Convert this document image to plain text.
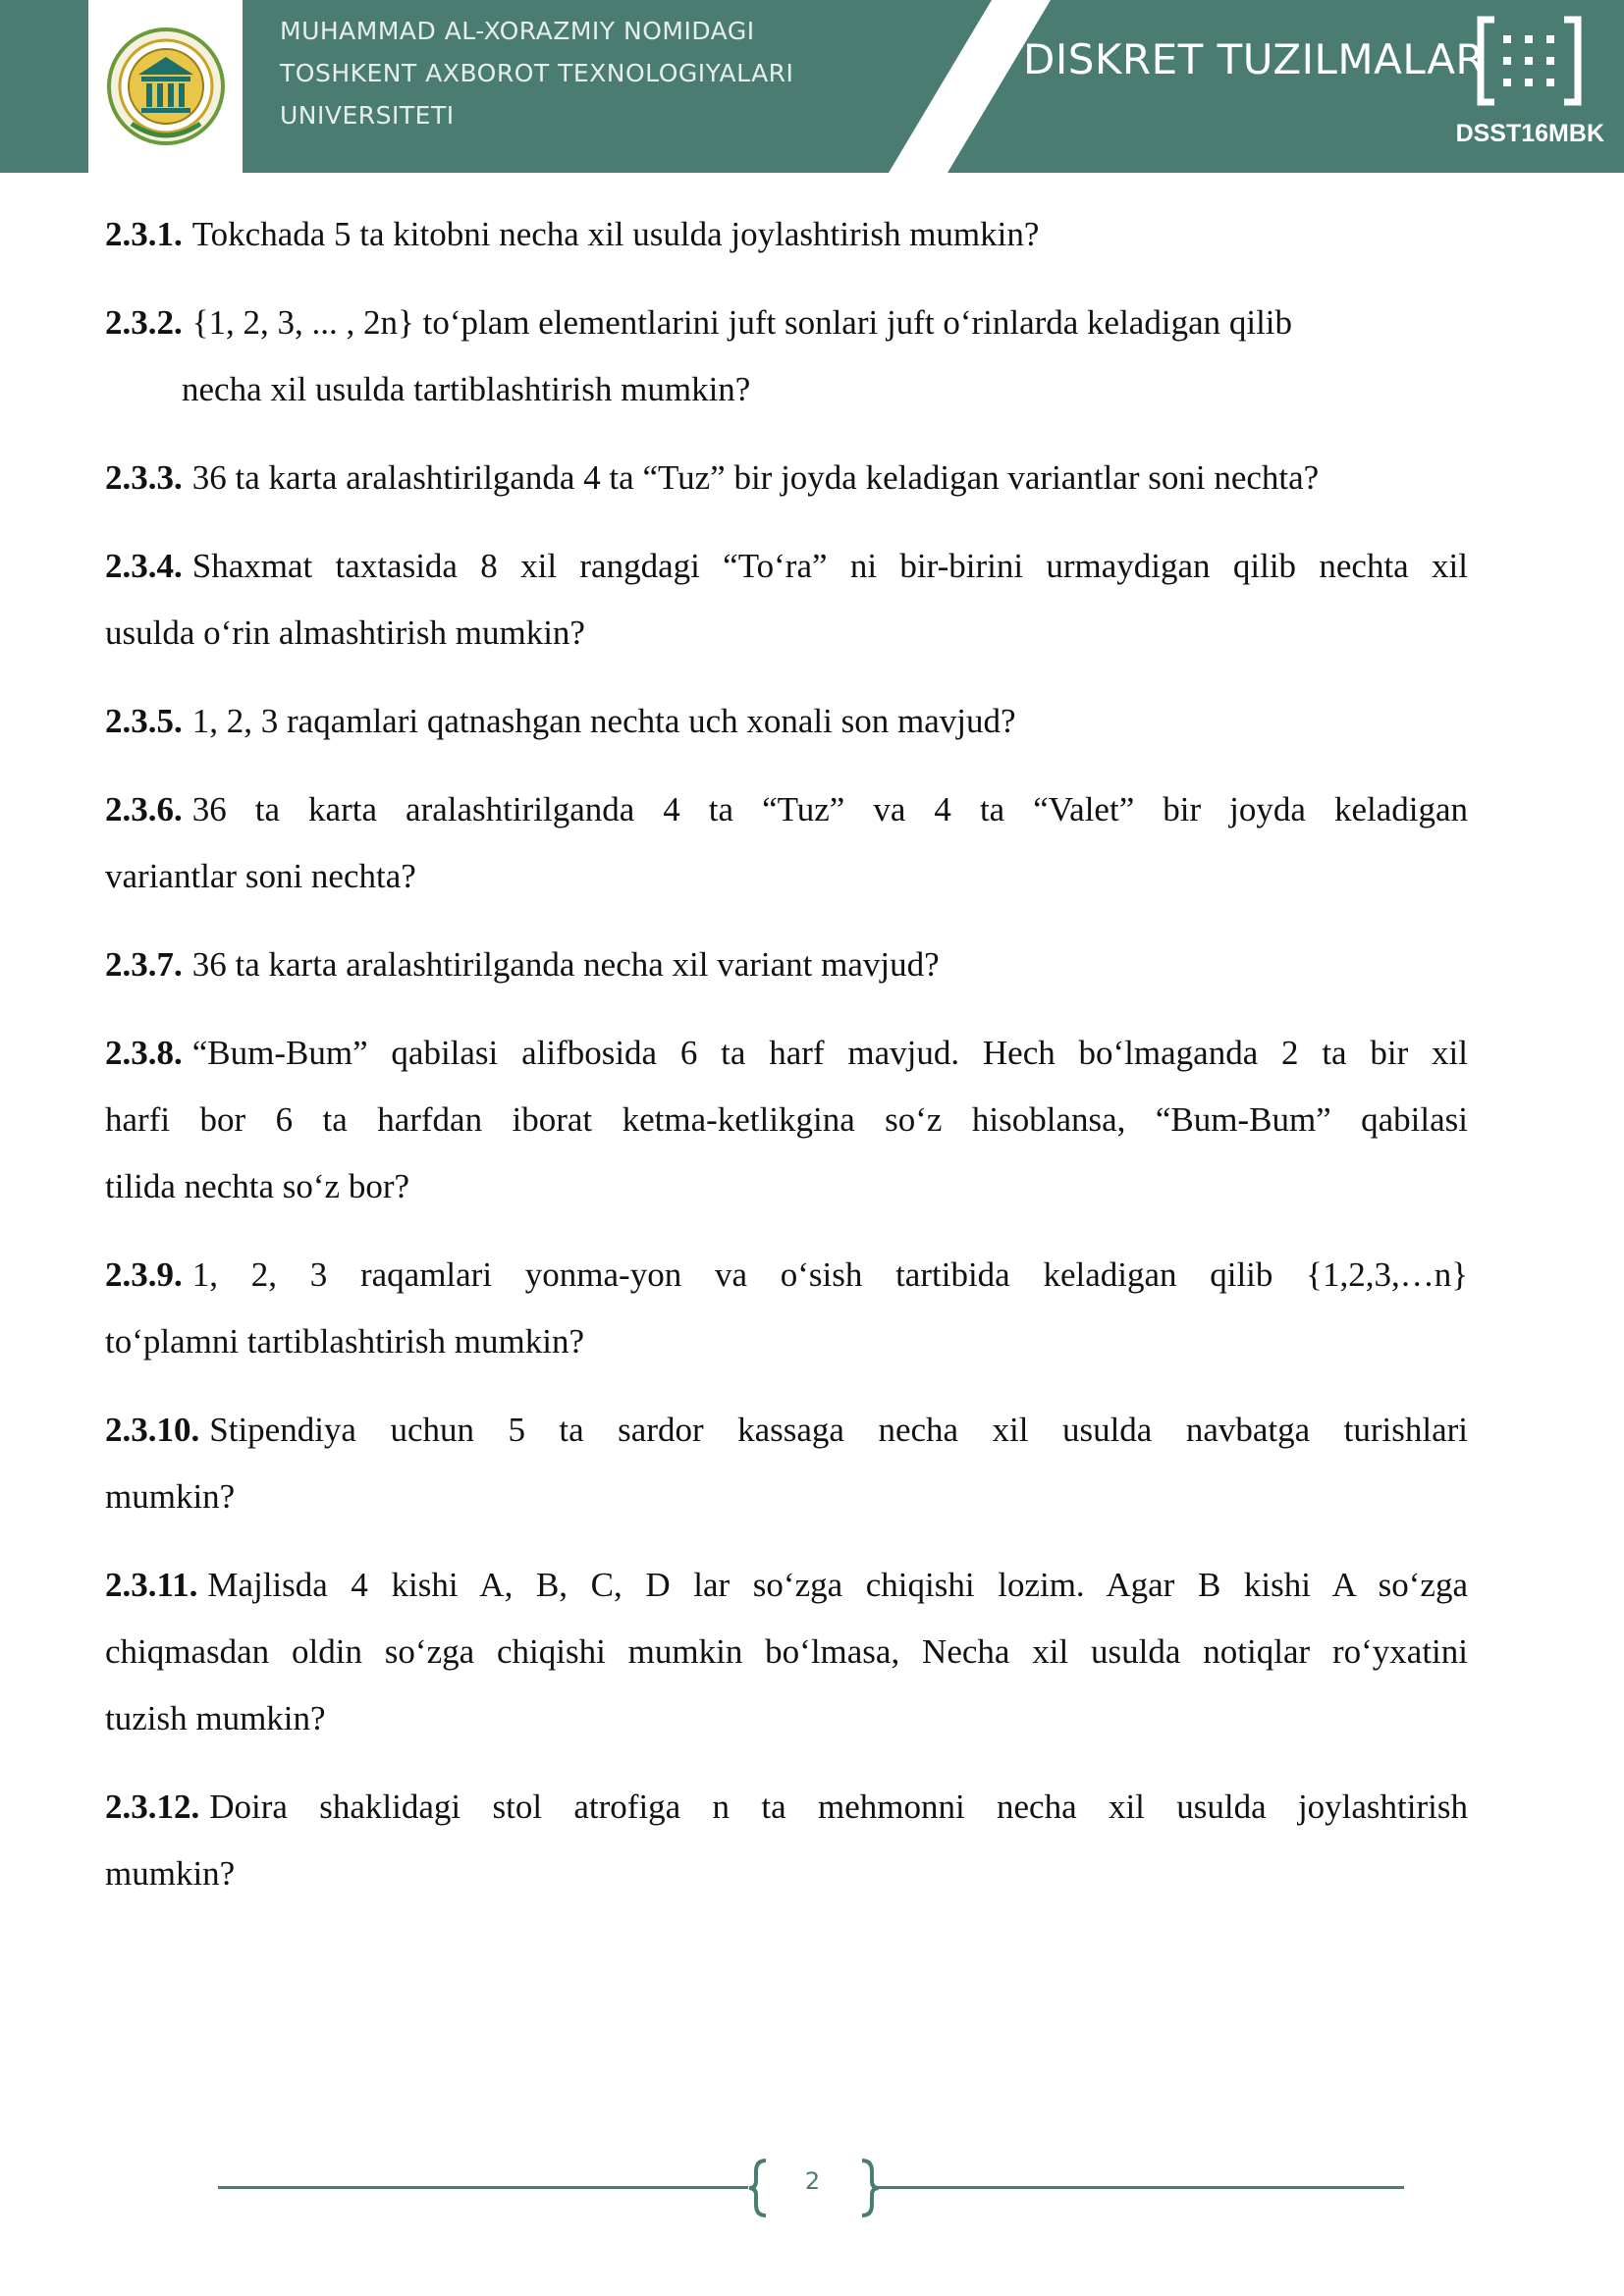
MUHAMMAD AL-XORAZMIY NOMIDAGI
TOSHKENT AXBOROT TEXNOLOGIYALARI
UNIVERSITETI
DISKRET TUZILMALAR
DSST16MBK
2.3.1. Tokchada 5 ta kitobni necha xil usulda joylashtirish mumkin?
2.3.2. {1, 2, 3, ... , 2n} to‘plam elementlarini juft sonlari juft o‘rinlarda keladigan qilib
necha xil usulda tartiblashtirish mumkin?
2.3.3. 36 ta karta aralashtirilganda 4 ta “Tuz” bir joyda keladigan variantlar soni nechta?
2.3.4. Shaxmat taxtasida 8 xil rangdagi “To‘ra” ni bir-birini urmaydigan qilib nechta xil
usulda o‘rin almashtirish mumkin?
2.3.5. 1, 2, 3 raqamlari qatnashgan nechta uch xonali son mavjud?
2.3.6. 36 ta karta aralashtirilganda 4 ta “Tuz” va 4 ta “Valet” bir joyda keladigan
variantlar soni nechta?
2.3.7. 36 ta karta aralashtirilganda necha xil variant mavjud?
2.3.8. “Bum-Bum” qabilasi alifbosida 6 ta harf mavjud. Hech bo‘lmaganda 2 ta bir xil
harfi bor 6 ta harfdan iborat ketma-ketlikgina so‘z hisoblansa, “Bum-Bum” qabilasi
tilida nechta so‘z bor?
2.3.9. 1, 2, 3 raqamlari yonma-yon va o‘sish tartibida keladigan qilib {1,2,3,…n}
to‘plamni tartiblashtirish mumkin?
2.3.10. Stipendiya uchun 5 ta sardor kassaga necha xil usulda navbatga turishlari
mumkin?
2.3.11. Majlisda 4 kishi A, B, C, D lar so‘zga chiqishi lozim. Agar B kishi A so‘zga
chiqmasdan oldin so‘zga chiqishi mumkin bo‘lmasa, Necha xil usulda notiqlar ro‘yxatini
tuzish mumkin?
2.3.12. Doira shaklidagi stol atrofiga n ta mehmonni necha xil usulda joylashtirish
mumkin?
2
